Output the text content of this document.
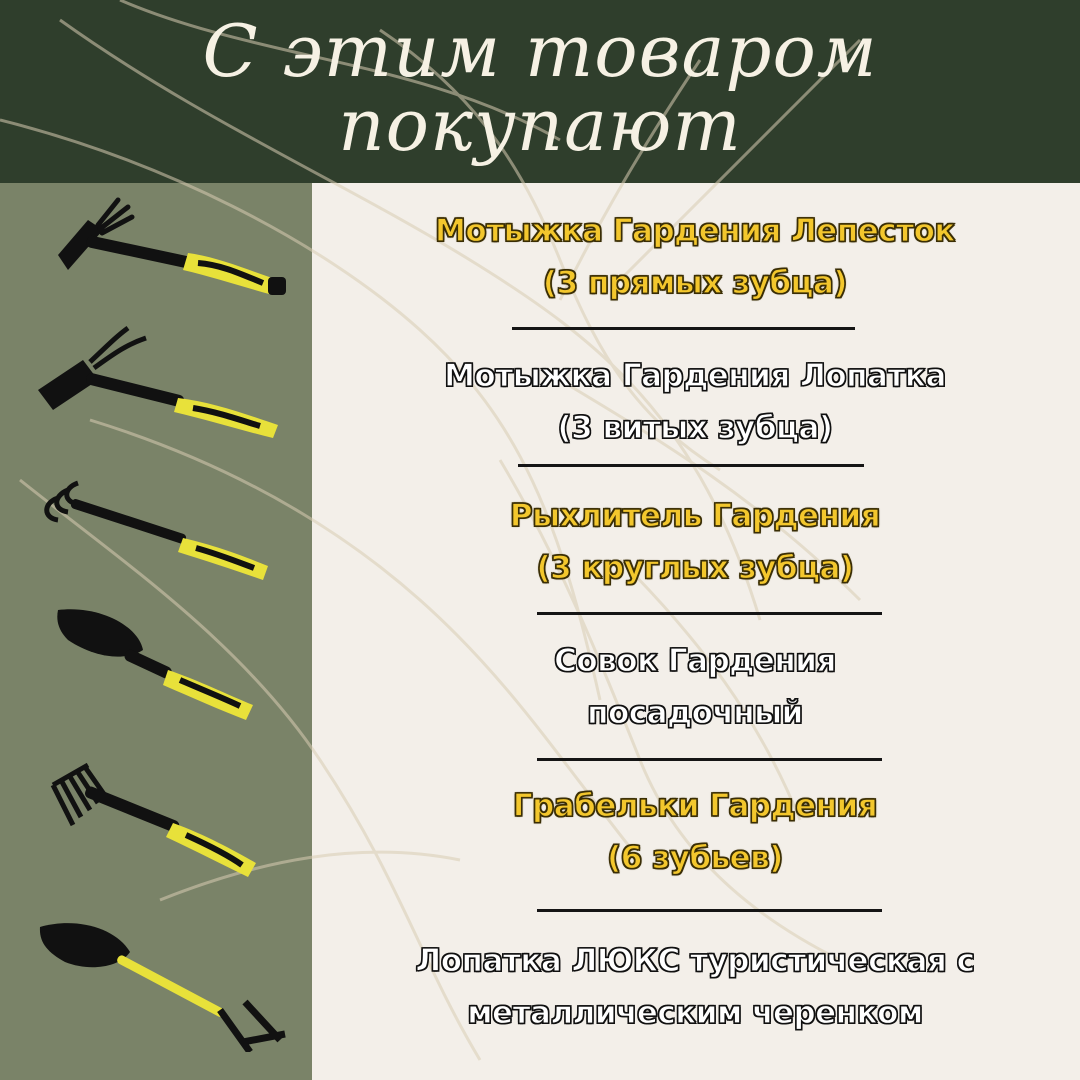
С этим товаром
покупают
Мотыжка Гардения Лепесток
(3 прямых зубца)
Мотыжка Гардения Лопатка
(3 витых зубца)
Рыхлитель Гардения
(3 круглых зубца)
Совок Гардения
посадочный
Грабельки Гардения
(6 зубьев)
Лопатка ЛЮКС туристическая с
металлическим черенком
